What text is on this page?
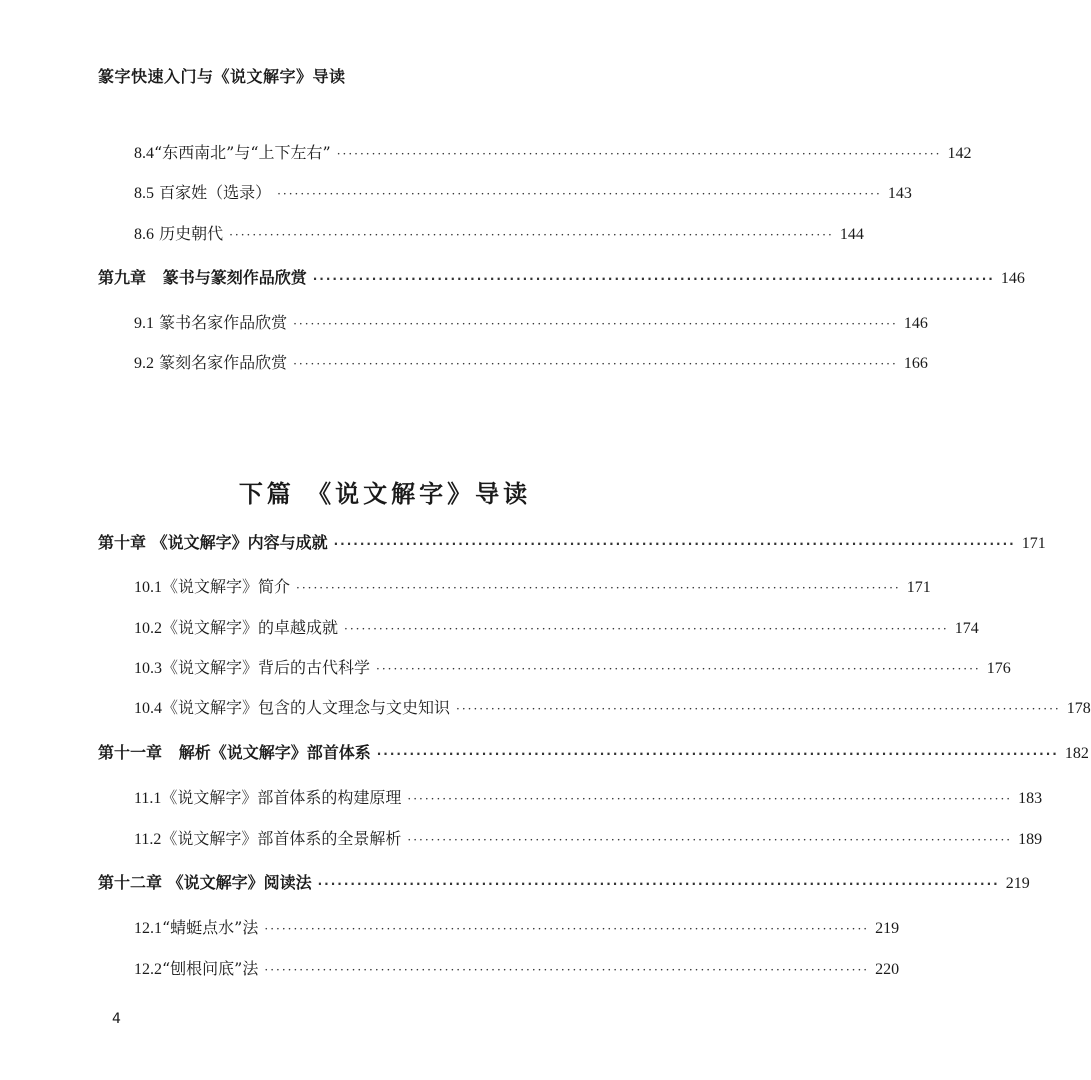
篆字快速入门与《说文解字》导读
8.4“东西南北”与“上下左右” ········································································································ 142
8.5 百家姓（选录） ········································································································ 143
8.6 历史朝代 ········································································································ 144
第九章 篆书与篆刻作品欣赏 ········································································································ 146
9.1 篆书名家作品欣赏 ········································································································ 146
9.2 篆刻名家作品欣赏 ········································································································ 166
下篇 《说文解字》导读
第十章 《说文解字》内容与成就 ········································································································ 171
10.1《说文解字》简介 ········································································································ 171
10.2《说文解字》的卓越成就 ········································································································ 174
10.3《说文解字》背后的古代科学 ········································································································ 176
10.4《说文解字》包含的人文理念与文史知识 ········································································································ 178
第十一章 解析《说文解字》部首体系 ········································································································ 182
11.1《说文解字》部首体系的构建原理 ········································································································ 183
11.2《说文解字》部首体系的全景解析 ········································································································ 189
第十二章 《说文解字》阅读法 ········································································································ 219
12.1“蜻蜓点水”法 ········································································································ 219
12.2“刨根问底”法 ········································································································ 220
4
